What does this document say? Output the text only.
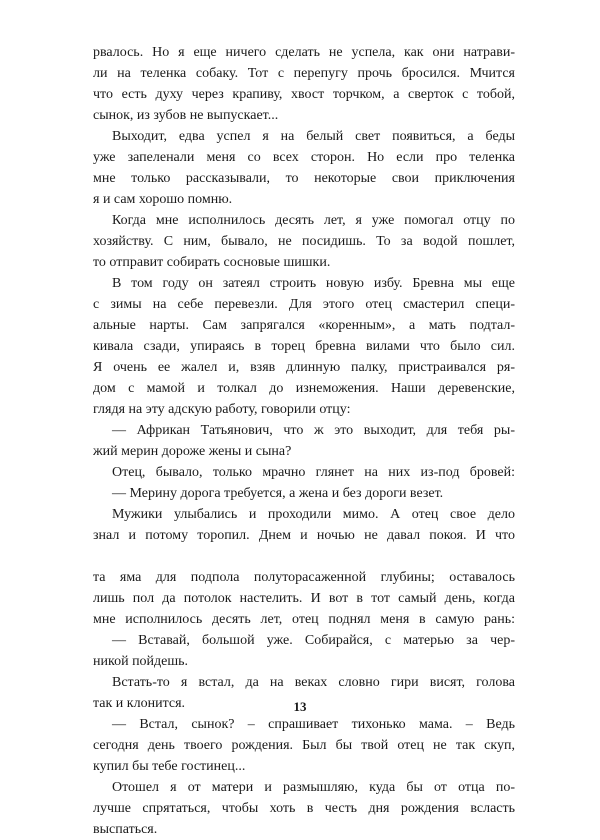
рвалось. Но я еще ничего сделать не успела, как они натрави-
ли на теленка собаку. Тот с перепугу прочь бросился. Мчится
что есть духу через крапиву, хвост торчком, а сверток с тобой,
сынок, из зубов не выпускает...
Выходит, едва успел я на белый свет появиться, а беды
уже запеленали меня со всех сторон. Но если про теленка
мне только рассказывали, то некоторые свои приключения
я и сам хорошо помню.
Когда мне исполнилось десять лет, я уже помогал отцу по
хозяйству. С ним, бывало, не посидишь. То за водой пошлет,
то отправит собирать сосновые шишки.
В том году он затеял строить новую избу. Бревна мы еще
с зимы на себе перевезли. Для этого отец смастерил специ-
альные нарты. Сам запрягался «коренным», а мать подтал-
кивала сзади, упираясь в торец бревна вилами что было сил.
Я очень ее жалел и, взяв длинную палку, пристраивался ря-
дом с мамой и толкал до изнеможения. Наши деревенские,
глядя на эту адскую работу, говорили отцу:
— Африкан Татьянович, что ж это выходит, для тебя ры-
жий мерин дороже жены и сына?
Отец, бывало, только мрачно глянет на них из-под бровей:
— Мерину дорога требуется, а жена и без дороги везет.
Мужики улыбались и проходили мимо. А отец свое дело
знал и потому торопил. Днем и ночью не давал покоя. И что
та яма для подпола полуторасаженной глубины; оставалось
лишь пол да потолок настелить. И вот в тот самый день, когда
мне исполнилось десять лет, отец поднял меня в самую рань:
— Вставай, большой уже. Собирайся, с матерью за чер-
никой пойдешь.
Встать-то я встал, да на веках словно гири висят, голова
так и клонится.
— Встал, сынок? – спрашивает тихонько мама. – Ведь
сегодня день твоего рождения. Был бы твой отец не так скуп,
купил бы тебе гостинец...
Отошел я от матери и размышляю, куда бы от отца по-
лучше спрятаться, чтобы хоть в честь дня рождения всласть
выспаться.
13
